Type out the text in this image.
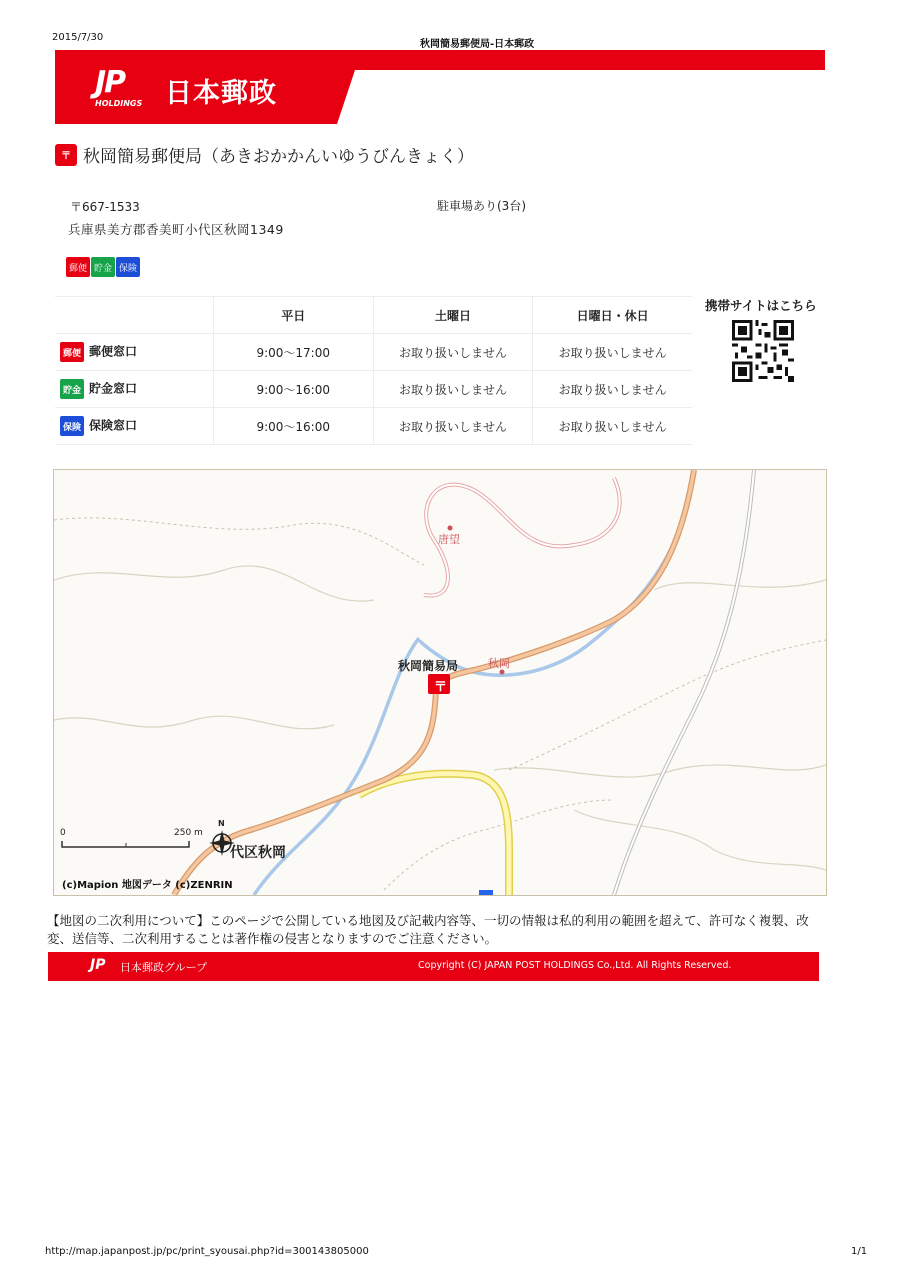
2015/7/30
秋岡簡易郵便局-日本郵政
JP
HOLDINGS 日本郵政
〒 秋岡簡易郵便局（あきおかかんいゆうびんきょく）
〒667-1533
兵庫県美方郡香美町小代区秋岡1349
駐車場あり(3台)
郵便 貯金 保険
	平日	土曜日	日曜日・休日
郵便 郵便窓口	9:00～17:00	お取り扱いしません	お取り扱いしません
貯金 貯金窓口	9:00～16:00	お取り扱いしません	お取り扱いしません
保険 保険窓口	9:00～16:00	お取り扱いしません	お取り扱いしません
携帯サイトはこちら
秋岡簡易局
〒
秋岡
唐望
代区秋岡
0	250 m
N
(c)Mapion 地図データ (c)ZENRIN
【地図の二次利用について】このページで公開している地図及び記載内容等、一切の情報は私的利用の範囲を超えて、許可なく複製、改変、送信等、二次利用することは著作権の侵害となりますのでご注意ください。
JP 日本郵政グループ	Copyright (C) JAPAN POST HOLDINGS Co.,Ltd. All Rights Reserved.
http://map.japanpost.jp/pc/print_syousai.php?id=300143805000	1/1
